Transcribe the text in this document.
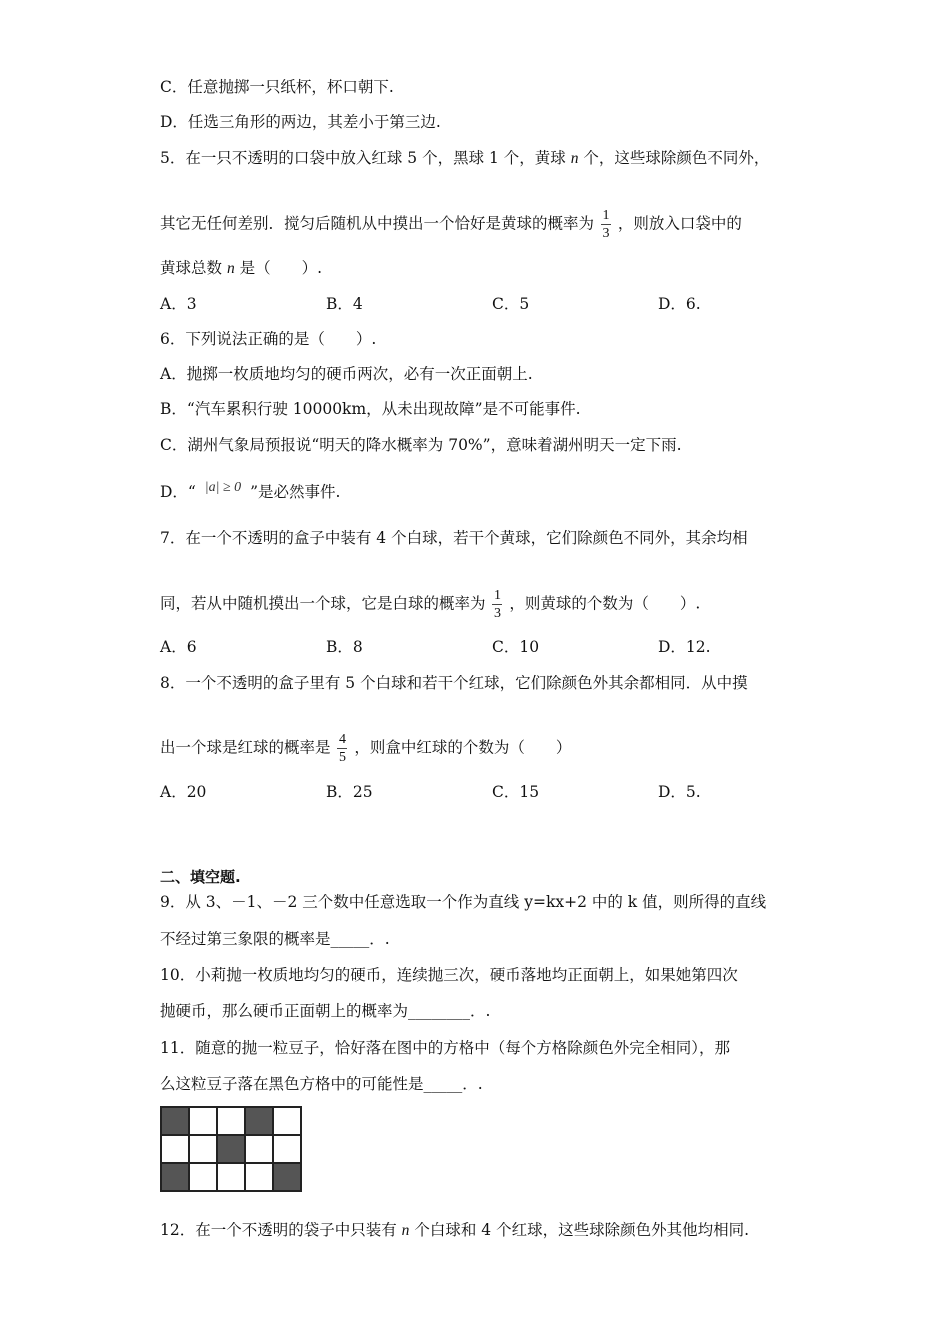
C．任意抛掷一只纸杯，杯口朝下.
D．任选三角形的两边，其差小于第三边.
5．在一只不透明的口袋中放入红球 5 个，黑球 1 个，黄球 n 个，这些球除颜色不同外，
其它无任何差别．搅匀后随机从中摸出一个恰好是黄球的概率为 $\frac{1}{3}$ ，则放入口袋中的
黄球总数 n 是（　　）.
A．3	B．4	C．5	D．6.
6．下列说法正确的是（　　）.
A．抛掷一枚质地均匀的硬币两次，必有一次正面朝上.
B．“汽车累积行驶 10000km，从未出现故障”是不可能事件.
C．湖州气象局预报说“明天的降水概率为 70%”，意味着湖州明天一定下雨.
D．“ |a| ≥ 0 ”是必然事件.
7．在一个不透明的盒子中装有 4 个白球，若干个黄球，它们除颜色不同外，其余均相
同，若从中随机摸出一个球，它是白球的概率为 $\frac{1}{3}$ ，则黄球的个数为（　　）.
A．6	B．8	C．10	D．12.
8．一个不透明的盒子里有 5 个白球和若干个红球，它们除颜色外其余都相同．从中摸
出一个球是红球的概率是 $\frac{4}{5}$ ，则盒中红球的个数为（　　）
A．20	B．25	C．15	D．5.
二、填空题.
9．从 3、－1、－2 三个数中任意选取一个作为直线 y=kx+2 中的 k 值，则所得的直线
不经过第三象限的概率是_____．.
10．小莉抛一枚质地均匀的硬币，连续抛三次，硬币落地均正面朝上，如果她第四次
抛硬币，那么硬币正面朝上的概率为________．.
11．随意的抛一粒豆子，恰好落在图中的方格中（每个方格除颜色外完全相同），那
么这粒豆子落在黑色方格中的可能性是_____．.
12．在一个不透明的袋子中只装有 n 个白球和 4 个红球，这些球除颜色外其他均相同.
